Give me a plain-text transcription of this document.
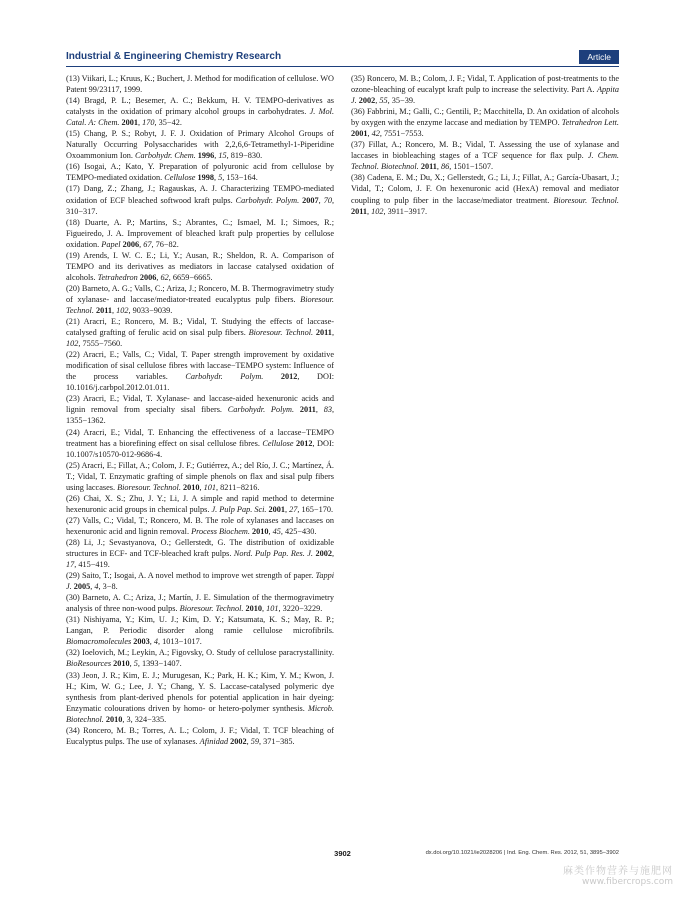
Industrial & Engineering Chemistry Research	Article

(13) Viikari, L.; Kruus, K.; Buchert, J. Method for modification of cellulose. WO Patent 99/23117, 1999.

(14) Bragd, P. L.; Besemer, A. C.; Bekkum, H. V. TEMPO-derivatives as catalysts in the oxidation of primary alcohol groups in carbohydrates. J. Mol. Catal. A: Chem. 2001, 170, 35−42.

(15) Chang, P. S.; Robyt, J. F. J. Oxidation of Primary Alcohol Groups of Naturally Occurring Polysaccharides with 2,2,6,6-Tetramethyl-1-Piperidine Oxoammonium Ion. Carbohydr. Chem. 1996, 15, 819−830.

(16) Isogai, A.; Kato, Y. Preparation of polyuronic acid from cellulose by TEMPO-mediated oxidation. Cellulose 1998, 5, 153−164.

(17) Dang, Z.; Zhang, J.; Ragauskas, A. J. Characterizing TEMPO-mediated oxidation of ECF bleached softwood kraft pulps. Carbohydr. Polym. 2007, 70, 310−317.

(18) Duarte, A. P.; Martins, S.; Abrantes, C.; Ismael, M. I.; Simoes, R.; Figueiredo, J. A. Improvement of bleached kraft pulp properties by cellulose oxidation. Papel 2006, 67, 76−82.

(19) Arends, I. W. C. E.; Li, Y.; Ausan, R.; Sheldon, R. A. Comparison of TEMPO and its derivatives as mediators in laccase catalysed oxidation of alcohols. Tetrahedron 2006, 62, 6659−6665.

(20) Barneto, A. G.; Valls, C.; Ariza, J.; Roncero, M. B. Thermogravimetry study of xylanase- and laccase/mediator-treated eucalyptus pulp fibers. Bioresour. Technol. 2011, 102, 9033−9039.

(21) Aracri, E.; Roncero, M. B.; Vidal, T. Studying the effects of laccase-catalysed grafting of ferulic acid on sisal pulp fibers. Bioresour. Technol. 2011, 102, 7555−7560.

(22) Aracri, E.; Valls, C.; Vidal, T. Paper strength improvement by oxidative modification of sisal cellulose fibres with laccase−TEMPO system: Influence of the process variables. Carbohydr. Polym. 2012, DOI: 10.1016/j.carbpol.2012.01.011.

(23) Aracri, E.; Vidal, T. Xylanase- and laccase-aided hexenuronic acids and lignin removal from specialty sisal fibers. Carbohydr. Polym. 2011, 83, 1355−1362.

(24) Aracri, E.; Vidal, T. Enhancing the effectiveness of a laccase−TEMPO treatment has a biorefining effect on sisal cellulose fibres. Cellulose 2012, DOI: 10.1007/s10570-012-9686-4.

(25) Aracri, E.; Fillat, A.; Colom, J. F.; Gutiérrez, A.; del Río, J. C.; Martínez, Á. T.; Vidal, T. Enzymatic grafting of simple phenols on flax and sisal pulp fibers using laccases. Bioresour. Technol. 2010, 101, 8211−8216.

(26) Chai, X. S.; Zhu, J. Y.; Li, J. A simple and rapid method to determine hexenuronic acid groups in chemical pulps. J. Pulp Pap. Sci. 2001, 27, 165−170.

(27) Valls, C.; Vidal, T.; Roncero, M. B. The role of xylanases and laccases on hexenuronic acid and lignin removal. Process Biochem. 2010, 45, 425−430.

(28) Li, J.; Sevastyanova, O.; Gellerstedt, G. The distribution of oxidizable structures in ECF- and TCF-bleached kraft pulps. Nord. Pulp Pap. Res. J. 2002, 17, 415−419.

(29) Saito, T.; Isogai, A. A novel method to improve wet strength of paper. Tappi J. 2005, 4, 3−8.

(30) Barneto, A. C.; Ariza, J.; Martín, J. E. Simulation of the thermogravimetry analysis of three non-wood pulps. Bioresour. Technol. 2010, 101, 3220−3229.

(31) Nishiyama, Y.; Kim, U. J.; Kim, D. Y.; Katsumata, K. S.; May, R. P.; Langan, P. Periodic disorder along ramie cellulose microfibrils. Biomacromolecules 2003, 4, 1013−1017.

(32) Ioelovich, M.; Leykin, A.; Figovsky, O. Study of cellulose paracrystallinity. BioResources 2010, 5, 1393−1407.

(33) Jeon, J. R.; Kim, E. J.; Murugesan, K.; Park, H. K.; Kim, Y. M.; Kwon, J. H.; Kim, W. G.; Lee, J. Y.; Chang, Y. S. Laccase-catalysed polymeric dye synthesis from plant-derived phenols for potential application in hair dyeing: Enzymatic colourations driven by homo- or hetero-polymer synthesis. Microb. Biotechnol. 2010, 3, 324−335.

(34) Roncero, M. B.; Torres, A. L.; Colom, J. F.; Vidal, T. TCF bleaching of Eucalyptus pulps. The use of xylanases. Afinidad 2002, 59, 371−385.

(35) Roncero, M. B.; Colom, J. F.; Vidal, T. Application of post-treatments to the ozone-bleaching of eucalypt kraft pulp to increase the selectivity. Part A. Appita J. 2002, 55, 35−39.

(36) Fabbrini, M.; Galli, C.; Gentili, P.; Macchitella, D. An oxidation of alcohols by oxygen with the enzyme laccase and mediation by TEMPO. Tetrahedron Lett. 2001, 42, 7551−7553.

(37) Fillat, A.; Roncero, M. B.; Vidal, T. Assessing the use of xylanase and laccases in biobleaching stages of a TCF sequence for flax pulp. J. Chem. Technol. Biotechnol. 2011, 86, 1501−1507.

(38) Cadena, E. M.; Du, X.; Gellerstedt, G.; Li, J.; Fillat, A.; García-Ubasart, J.; Vidal, T.; Colom, J. F. On hexenuronic acid (HexA) removal and mediator coupling to pulp fiber in the laccase/mediator treatment. Bioresour. Technol. 2011, 102, 3911−3917.

3902	dx.doi.org/10.1021/ie2028206 | Ind. Eng. Chem. Res. 2012, 51, 3895−3902
麻类作物营养与施肥网
www.fibercrops.com
